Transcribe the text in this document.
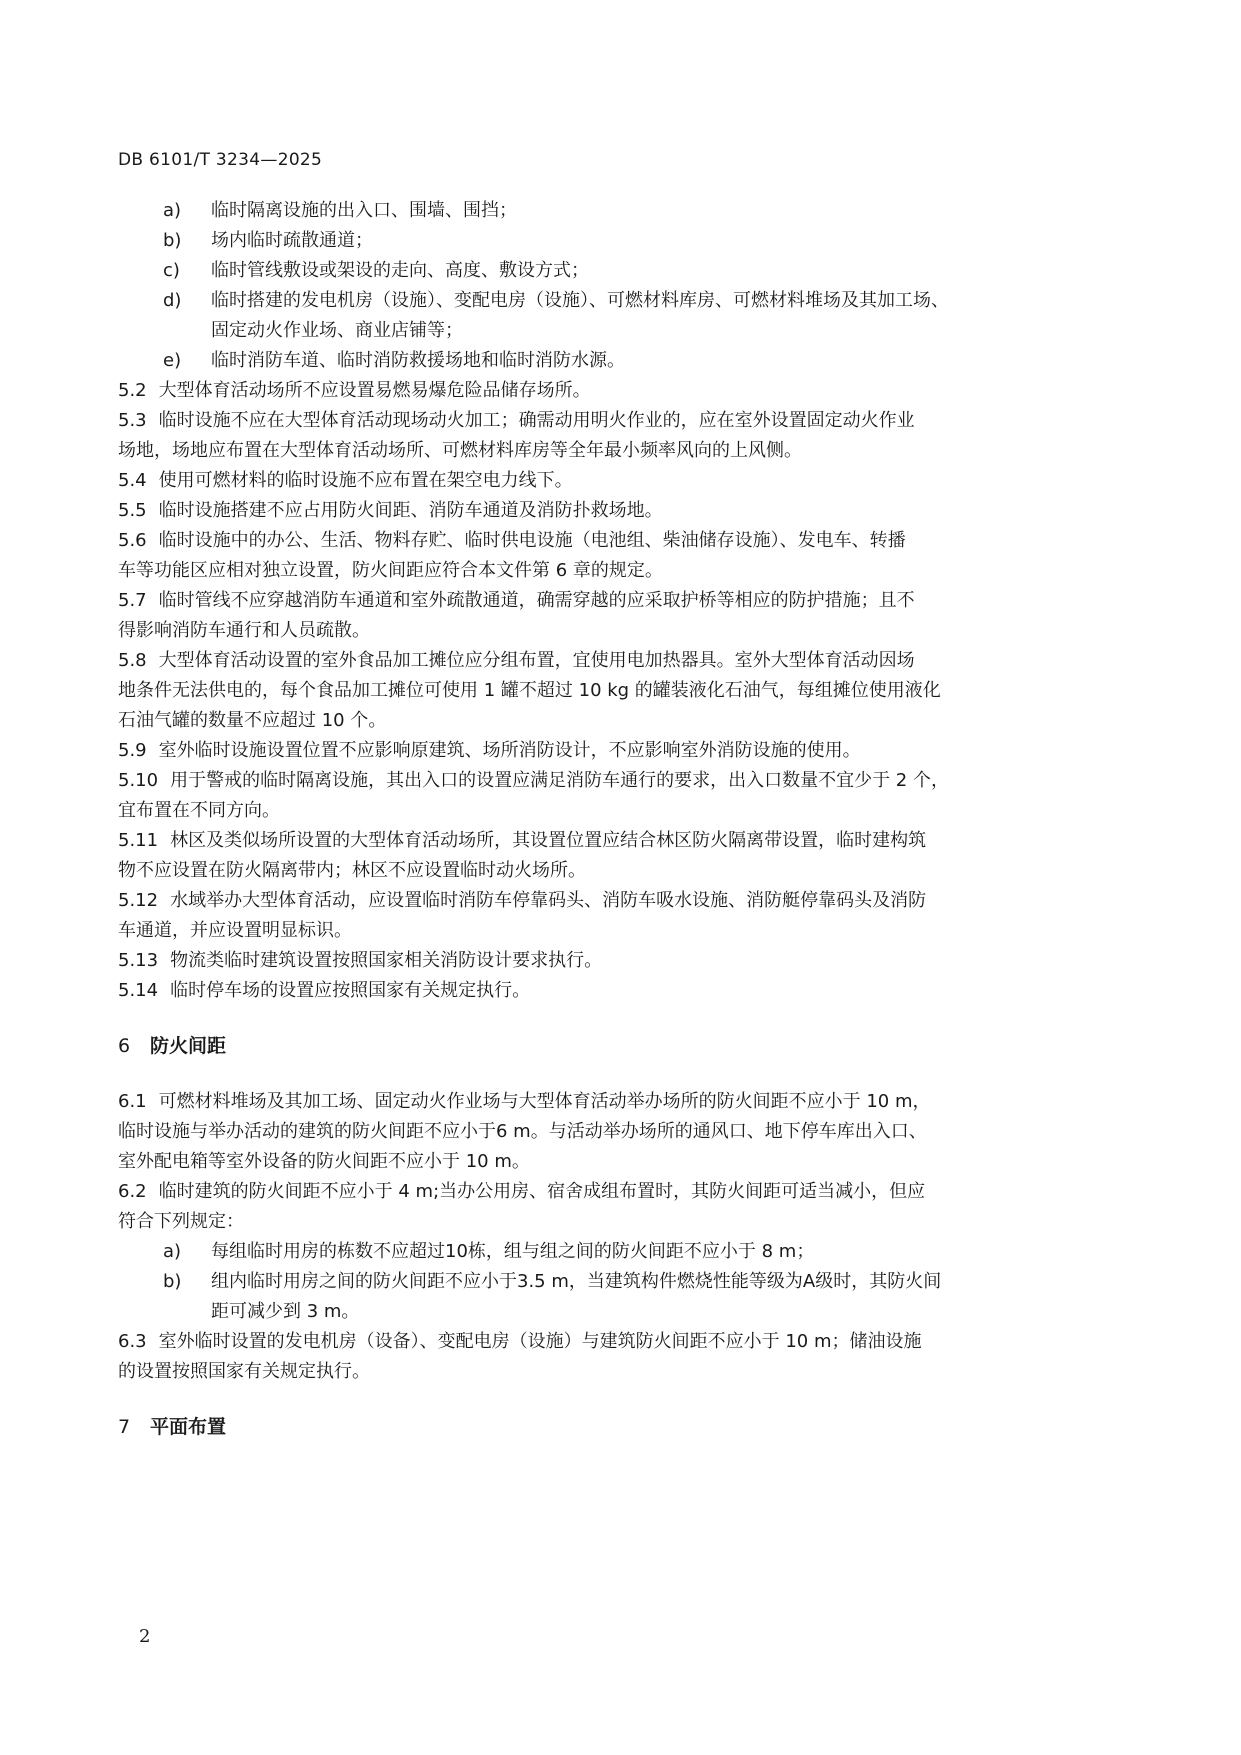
DB 6101/T 3234—2025
a)	临时隔离设施的出入口、围墙、围挡；
b)	场内临时疏散通道；
c)	临时管线敷设或架设的走向、高度、敷设方式；
d)	临时搭建的发电机房（设施）、变配电房（设施）、可燃材料库房、可燃材料堆场及其加工场、
固定动火作业场、商业店铺等；
e)	临时消防车道、临时消防救援场地和临时消防水源。
5.2 大型体育活动场所不应设置易燃易爆危险品储存场所。
5.3 临时设施不应在大型体育活动现场动火加工；确需动用明火作业的，应在室外设置固定动火作业
场地，场地应布置在大型体育活动场所、可燃材料库房等全年最小频率风向的上风侧。
5.4 使用可燃材料的临时设施不应布置在架空电力线下。
5.5 临时设施搭建不应占用防火间距、消防车通道及消防扑救场地。
5.6 临时设施中的办公、生活、物料存贮、临时供电设施（电池组、柴油储存设施）、发电车、转播
车等功能区应相对独立设置，防火间距应符合本文件第 6 章的规定。
5.7 临时管线不应穿越消防车通道和室外疏散通道，确需穿越的应采取护桥等相应的防护措施；且不
得影响消防车通行和人员疏散。
5.8 大型体育活动设置的室外食品加工摊位应分组布置，宜使用电加热器具。室外大型体育活动因场
地条件无法供电的，每个食品加工摊位可使用 1 罐不超过 10 kg 的罐装液化石油气，每组摊位使用液化
石油气罐的数量不应超过 10 个。
5.9 室外临时设施设置位置不应影响原建筑、场所消防设计，不应影响室外消防设施的使用。
5.10 用于警戒的临时隔离设施，其出入口的设置应满足消防车通行的要求，出入口数量不宜少于 2 个，
宜布置在不同方向。
5.11 林区及类似场所设置的大型体育活动场所，其设置位置应结合林区防火隔离带设置，临时建构筑
物不应设置在防火隔离带内；林区不应设置临时动火场所。
5.12 水域举办大型体育活动，应设置临时消防车停靠码头、消防车吸水设施、消防艇停靠码头及消防
车通道，并应设置明显标识。
5.13 物流类临时建筑设置按照国家相关消防设计要求执行。
5.14 临时停车场的设置应按照国家有关规定执行。
6 防火间距
6.1 可燃材料堆场及其加工场、固定动火作业场与大型体育活动举办场所的防火间距不应小于 10 m，
临时设施与举办活动的建筑的防火间距不应小于6 m。与活动举办场所的通风口、地下停车库出入口、
室外配电箱等室外设备的防火间距不应小于 10 m。
6.2 临时建筑的防火间距不应小于 4 m;当办公用房、宿舍成组布置时，其防火间距可适当减小，但应
符合下列规定：
a)	每组临时用房的栋数不应超过10栋，组与组之间的防火间距不应小于 8 m；
b)	组内临时用房之间的防火间距不应小于3.5 m，当建筑构件燃烧性能等级为A级时，其防火间
距可减少到 3 m。
6.3 室外临时设置的发电机房（设备）、变配电房（设施）与建筑防火间距不应小于 10 m；储油设施
的设置按照国家有关规定执行。
7 平面布置
2
